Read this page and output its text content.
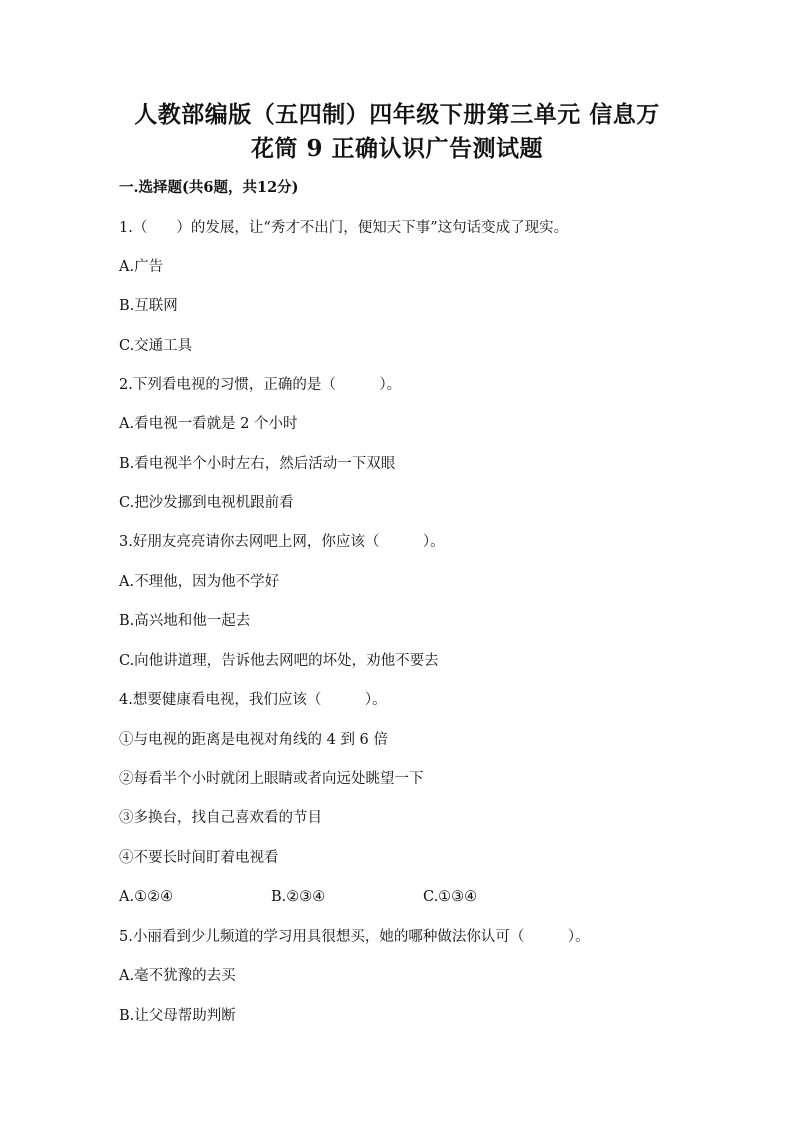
人教部编版（五四制）四年级下册第三单元 信息万
花筒 9 正确认识广告测试题
一.选择题(共6题，共12分)
1.（　　）的发展，让“秀才不出门，便知天下事”这句话变成了现实。
A.广告
B.互联网
C.交通工具
2.下列看电视的习惯，正确的是（　　　）。
A.看电视一看就是 2 个小时
B.看电视半个小时左右，然后活动一下双眼
C.把沙发挪到电视机跟前看
3.好朋友亮亮请你去网吧上网，你应该（　　　）。
A.不理他，因为他不学好
B.高兴地和他一起去
C.向他讲道理，告诉他去网吧的坏处，劝他不要去
4.想要健康看电视，我们应该（　　　）。
①与电视的距离是电视对角线的 4 到 6 倍
②每看半个小时就闭上眼睛或者向远处眺望一下
③多换台，找自己喜欢看的节目
④不要长时间盯着电视看
A.①②④	B.②③④	C.①③④
5.小丽看到少儿频道的学习用具很想买，她的哪种做法你认可（　　　）。
A.毫不犹豫的去买
B.让父母帮助判断
